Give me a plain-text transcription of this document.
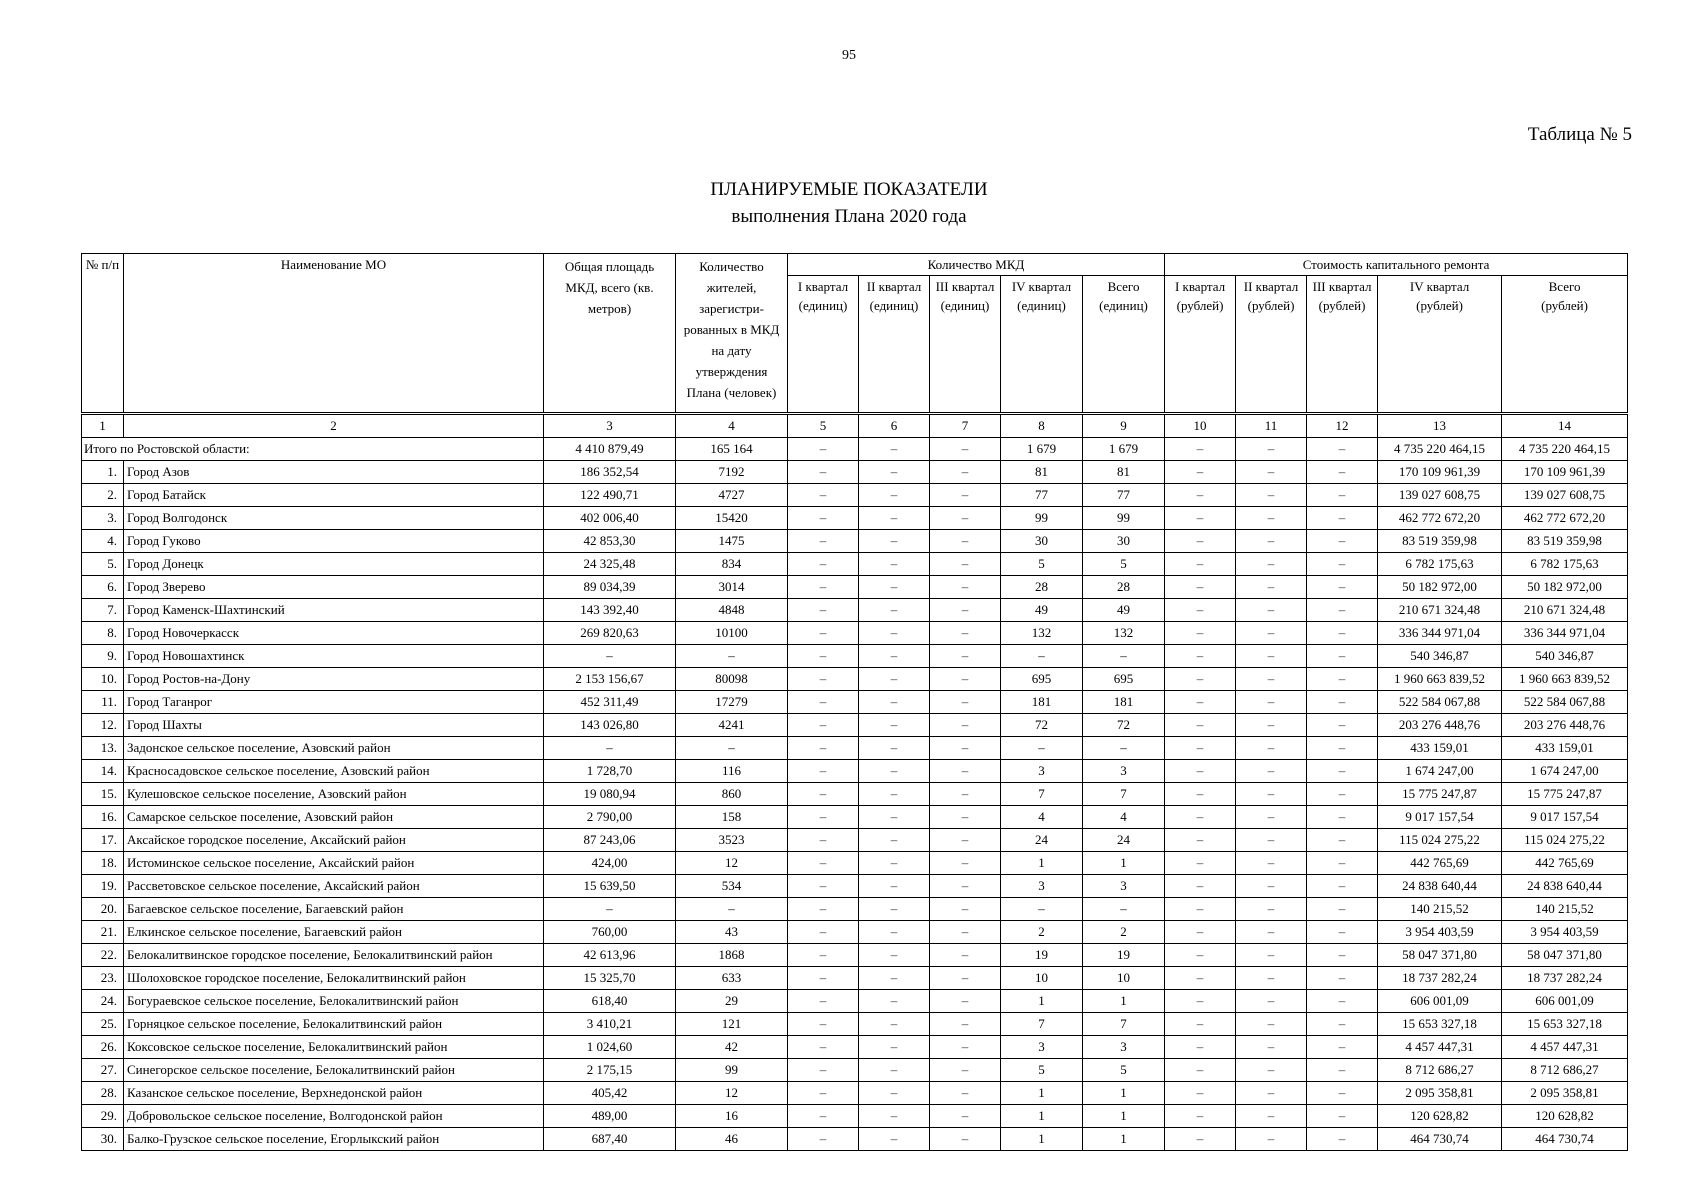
95
Таблица № 5
ПЛАНИРУЕМЫЕ ПОКАЗАТЕЛИ
выполнения Плана 2020 года
№ п/п	Наименование МО	Общая площадь МКД, всего (кв. метров)	Количество жителей, зарегистри-рованных в МКД на дату утверждения Плана (человек)	Количество МКД					Стоимость капитального ремонта				
				I квартал (единиц)	II квартал (единиц)	III квартал (единиц)	IV квартал (единиц)	Всего (единиц)	I квартал (рублей)	II квартал (рублей)	III квартал (рублей)	IV квартал (рублей)	Всего (рублей)
1	2	3	4	5	6	7	8	9	10	11	12	13	14
Итого по Ростовской области:		4 410 879,49	165 164	–	–	–	1 679	1 679	–	–	–	4 735 220 464,15	4 735 220 464,15
1.	Город Азов	186 352,54	7192	–	–	–	81	81	–	–	–	170 109 961,39	170 109 961,39
2.	Город Батайск	122 490,71	4727	–	–	–	77	77	–	–	–	139 027 608,75	139 027 608,75
3.	Город Волгодонск	402 006,40	15420	–	–	–	99	99	–	–	–	462 772 672,20	462 772 672,20
4.	Город Гуково	42 853,30	1475	–	–	–	30	30	–	–	–	83 519 359,98	83 519 359,98
5.	Город Донецк	24 325,48	834	–	–	–	5	5	–	–	–	6 782 175,63	6 782 175,63
6.	Город Зверево	89 034,39	3014	–	–	–	28	28	–	–	–	50 182 972,00	50 182 972,00
7.	Город Каменск-Шахтинский	143 392,40	4848	–	–	–	49	49	–	–	–	210 671 324,48	210 671 324,48
8.	Город Новочеркасск	269 820,63	10100	–	–	–	132	132	–	–	–	336 344 971,04	336 344 971,04
9.	Город Новошахтинск	–	–	–	–	–	–	–	–	–	–	540 346,87	540 346,87
10.	Город Ростов-на-Дону	2 153 156,67	80098	–	–	–	695	695	–	–	–	1 960 663 839,52	1 960 663 839,52
11.	Город Таганрог	452 311,49	17279	–	–	–	181	181	–	–	–	522 584 067,88	522 584 067,88
12.	Город Шахты	143 026,80	4241	–	–	–	72	72	–	–	–	203 276 448,76	203 276 448,76
13.	Задонское сельское поселение, Азовский район	–	–	–	–	–	–	–	–	–	–	433 159,01	433 159,01
14.	Красносадовское сельское поселение, Азовский район	1 728,70	116	–	–	–	3	3	–	–	–	1 674 247,00	1 674 247,00
15.	Кулешовское сельское поселение, Азовский район	19 080,94	860	–	–	–	7	7	–	–	–	15 775 247,87	15 775 247,87
16.	Самарское сельское поселение, Азовский район	2 790,00	158	–	–	–	4	4	–	–	–	9 017 157,54	9 017 157,54
17.	Аксайское городское поселение, Аксайский район	87 243,06	3523	–	–	–	24	24	–	–	–	115 024 275,22	115 024 275,22
18.	Истоминское сельское поселение, Аксайский район	424,00	12	–	–	–	1	1	–	–	–	442 765,69	442 765,69
19.	Рассветовское сельское поселение, Аксайский район	15 639,50	534	–	–	–	3	3	–	–	–	24 838 640,44	24 838 640,44
20.	Багаевское сельское поселение, Багаевский район	–	–	–	–	–	–	–	–	–	–	140 215,52	140 215,52
21.	Елкинское сельское поселение, Багаевский район	760,00	43	–	–	–	2	2	–	–	–	3 954 403,59	3 954 403,59
22.	Белокалитвинское городское поселение, Белокалитвинский район	42 613,96	1868	–	–	–	19	19	–	–	–	58 047 371,80	58 047 371,80
23.	Шолоховское городское поселение, Белокалитвинский район	15 325,70	633	–	–	–	10	10	–	–	–	18 737 282,24	18 737 282,24
24.	Богураевское сельское поселение, Белокалитвинский район	618,40	29	–	–	–	1	1	–	–	–	606 001,09	606 001,09
25.	Горняцкое сельское поселение, Белокалитвинский район	3 410,21	121	–	–	–	7	7	–	–	–	15 653 327,18	15 653 327,18
26.	Коксовское сельское поселение, Белокалитвинский район	1 024,60	42	–	–	–	3	3	–	–	–	4 457 447,31	4 457 447,31
27.	Синегорское сельское поселение, Белокалитвинский район	2 175,15	99	–	–	–	5	5	–	–	–	8 712 686,27	8 712 686,27
28.	Казанское сельское поселение, Верхнедонской район	405,42	12	–	–	–	1	1	–	–	–	2 095 358,81	2 095 358,81
29.	Добровольское сельское поселение, Волгодонской район	489,00	16	–	–	–	1	1	–	–	–	120 628,82	120 628,82
30.	Балко-Грузское сельское поселение, Егорлыкский район	687,40	46	–	–	–	1	1	–	–	–	464 730,74	464 730,74
